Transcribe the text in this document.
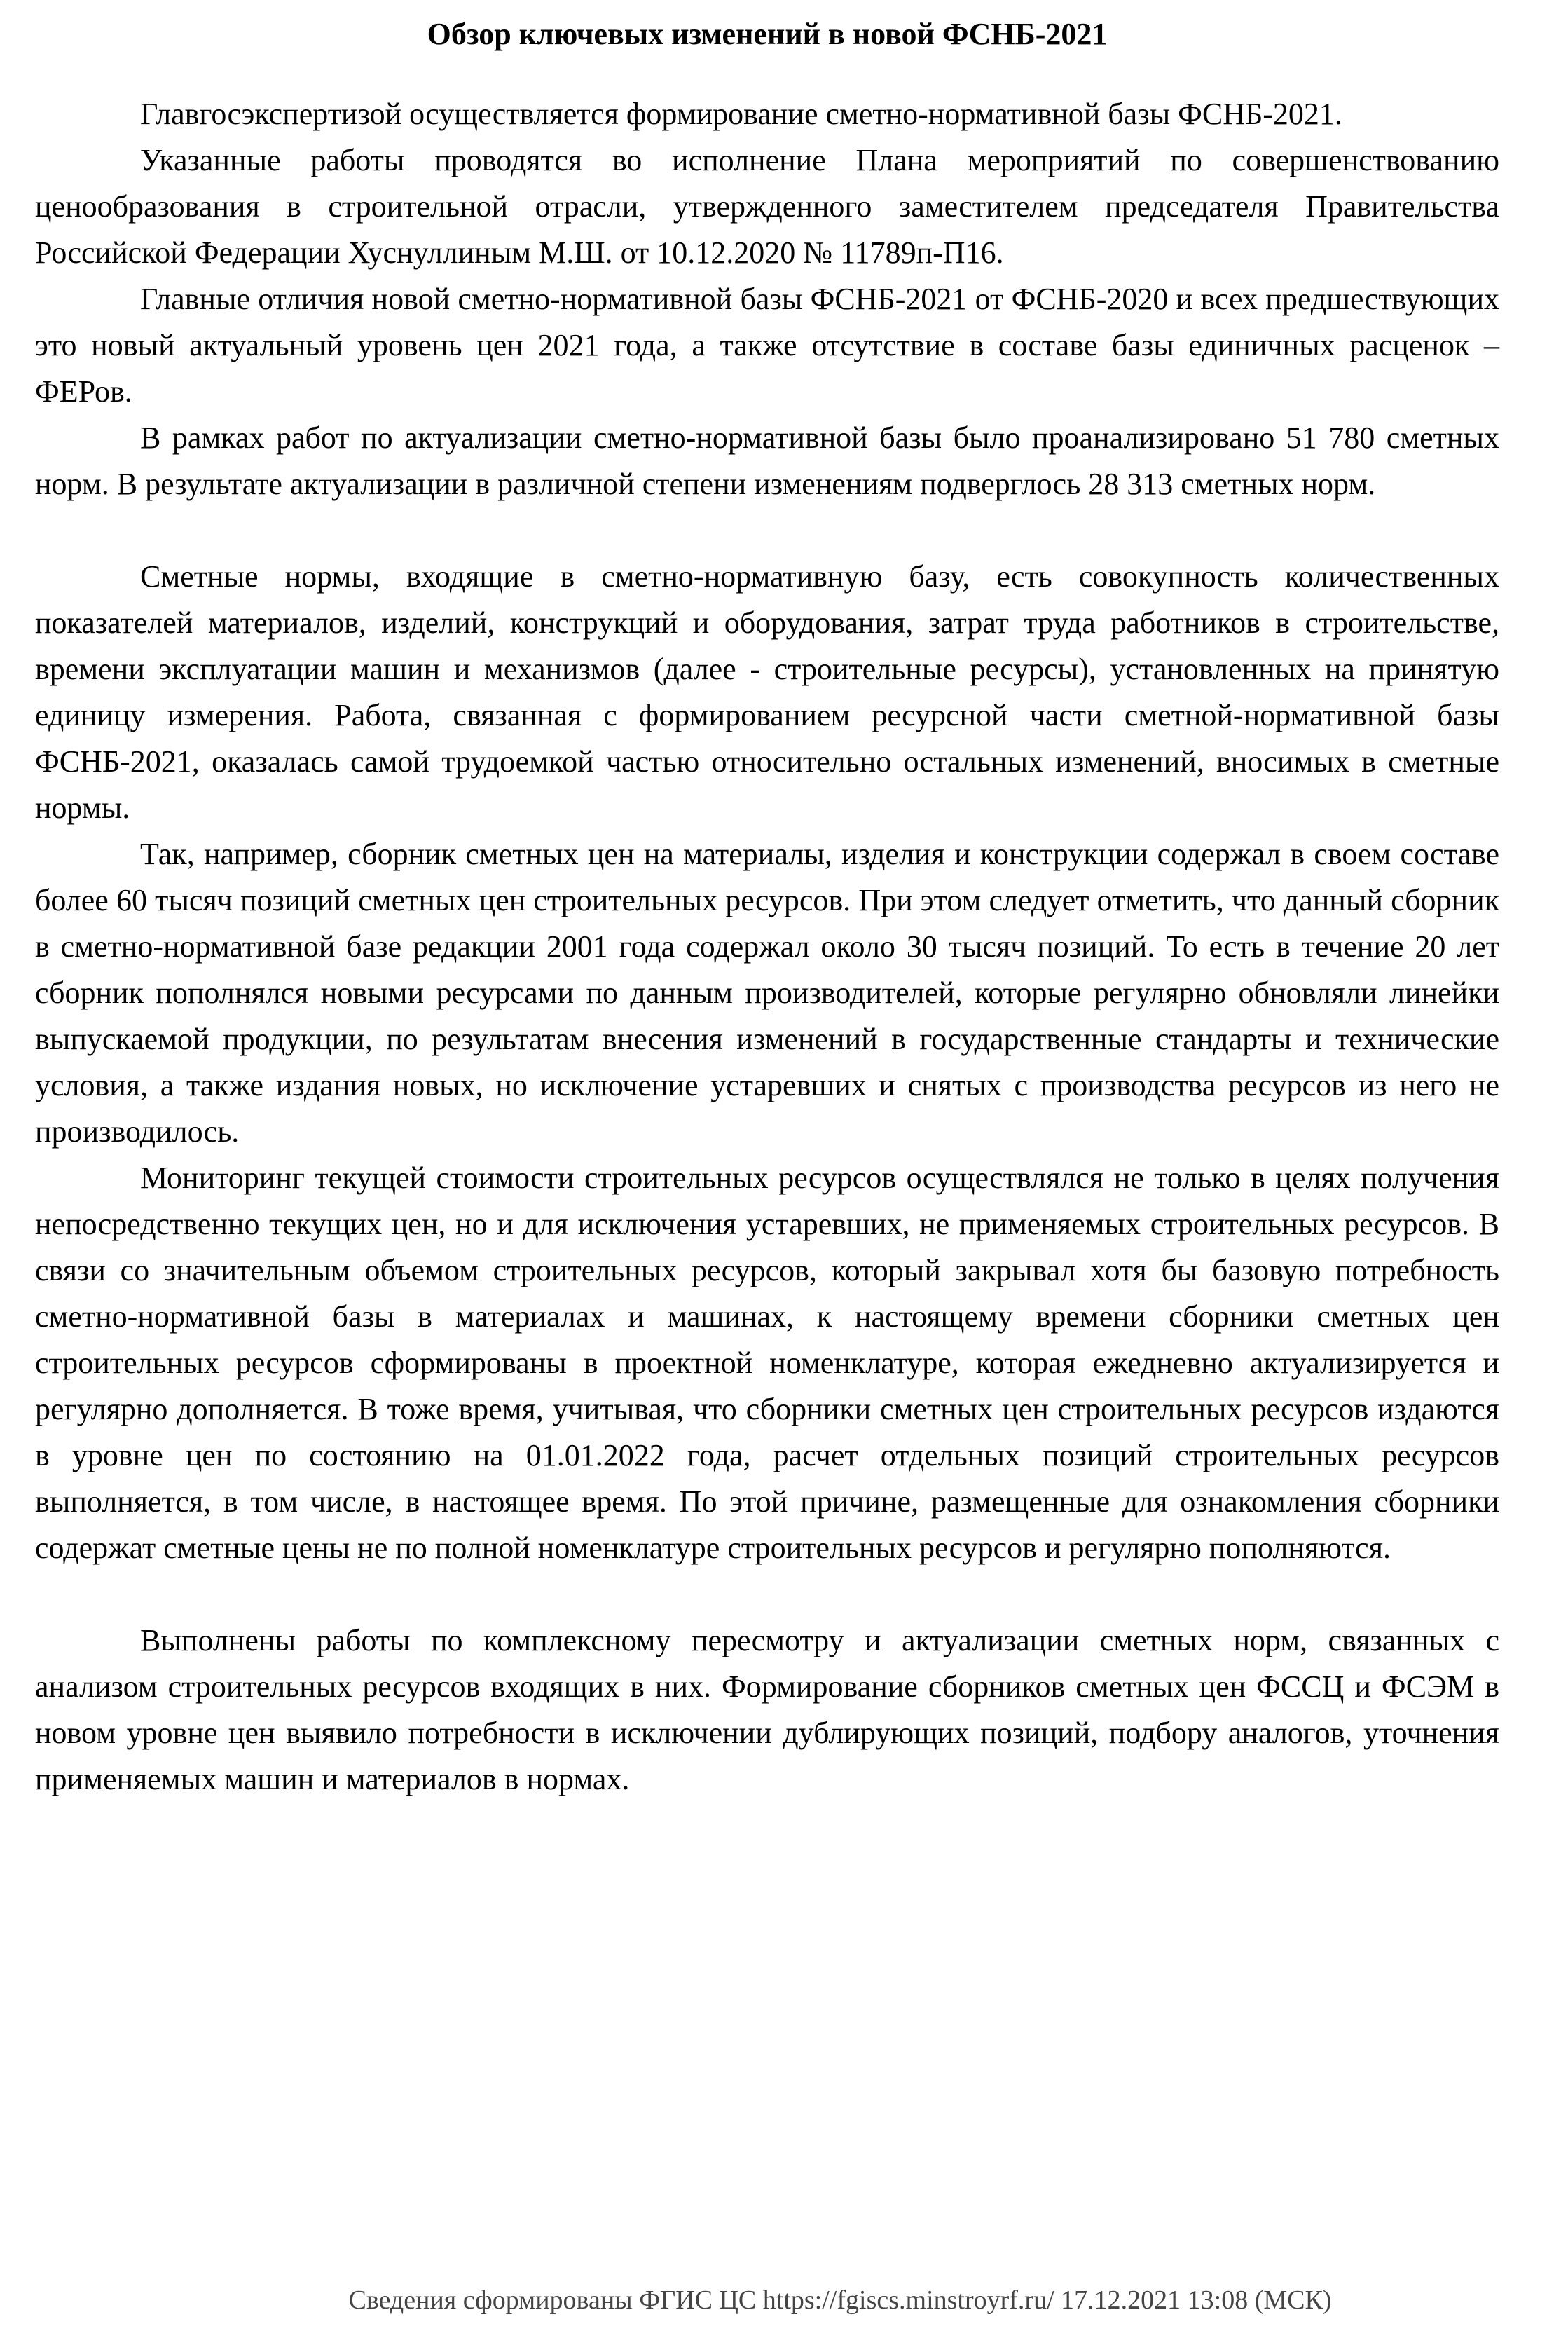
Обзор ключевых изменений в новой ФСНБ-2021

Главгосэкспертизой осуществляется формирование сметно-нормативной базы ФСНБ-2021.

Указанные работы проводятся во исполнение Плана мероприятий по совершенствованию ценообразования в строительной отрасли, утвержденного заместителем председателя Правительства Российской Федерации Хуснуллиным М.Ш. от 10.12.2020 № 11789п-П16.

Главные отличия новой сметно-нормативной базы ФСНБ-2021 от ФСНБ-2020 и всех предшествующих это новый актуальный уровень цен 2021 года, а также отсутствие в составе базы единичных расценок – ФЕРов.

В рамках работ по актуализации сметно-нормативной базы было проанализировано 51 780 сметных норм. В результате актуализации в различной степени изменениям подверглось 28 313 сметных норм.

Сметные нормы, входящие в сметно-нормативную базу, есть совокупность количественных показателей материалов, изделий, конструкций и оборудования, затрат труда работников в строительстве, времени эксплуатации машин и механизмов (далее - строительные ресурсы), установленных на принятую единицу измерения. Работа, связанная с формированием ресурсной части сметной-нормативной базы ФСНБ-2021, оказалась самой трудоемкой частью относительно остальных изменений, вносимых в сметные нормы.

Так, например, сборник сметных цен на материалы, изделия и конструкции содержал в своем составе более 60 тысяч позиций сметных цен строительных ресурсов. При этом следует отметить, что данный сборник в сметно-нормативной базе редакции 2001 года содержал около 30 тысяч позиций. То есть в течение 20 лет сборник пополнялся новыми ресурсами по данным производителей, которые регулярно обновляли линейки выпускаемой продукции, по результатам внесения изменений в государственные стандарты и технические условия, а также издания новых, но исключение устаревших и снятых с производства ресурсов из него не производилось.

Мониторинг текущей стоимости строительных ресурсов осуществлялся не только в целях получения непосредственно текущих цен, но и для исключения устаревших, не применяемых строительных ресурсов. В связи со значительным объемом строительных ресурсов, который закрывал хотя бы базовую потребность сметно-нормативной базы в материалах и машинах, к настоящему времени сборники сметных цен строительных ресурсов сформированы в проектной номенклатуре, которая ежедневно актуализируется и регулярно дополняется. В тоже время, учитывая, что сборники сметных цен строительных ресурсов издаются в уровне цен по состоянию на 01.01.2022 года, расчет отдельных позиций строительных ресурсов выполняется, в том числе, в настоящее время. По этой причине, размещенные для ознакомления сборники содержат сметные цены не по полной номенклатуре строительных ресурсов и регулярно пополняются.

Выполнены работы по комплексному пересмотру и актуализации сметных норм, связанных с анализом строительных ресурсов входящих в них. Формирование сборников сметных цен ФССЦ и ФСЭМ в новом уровне цен выявило потребности в исключении дублирующих позиций, подбору аналогов, уточнения применяемых машин и материалов в нормах.

Сведения сформированы ФГИС ЦС https://fgiscs.minstroyrf.ru/ 17.12.2021 13:08 (МСК)
